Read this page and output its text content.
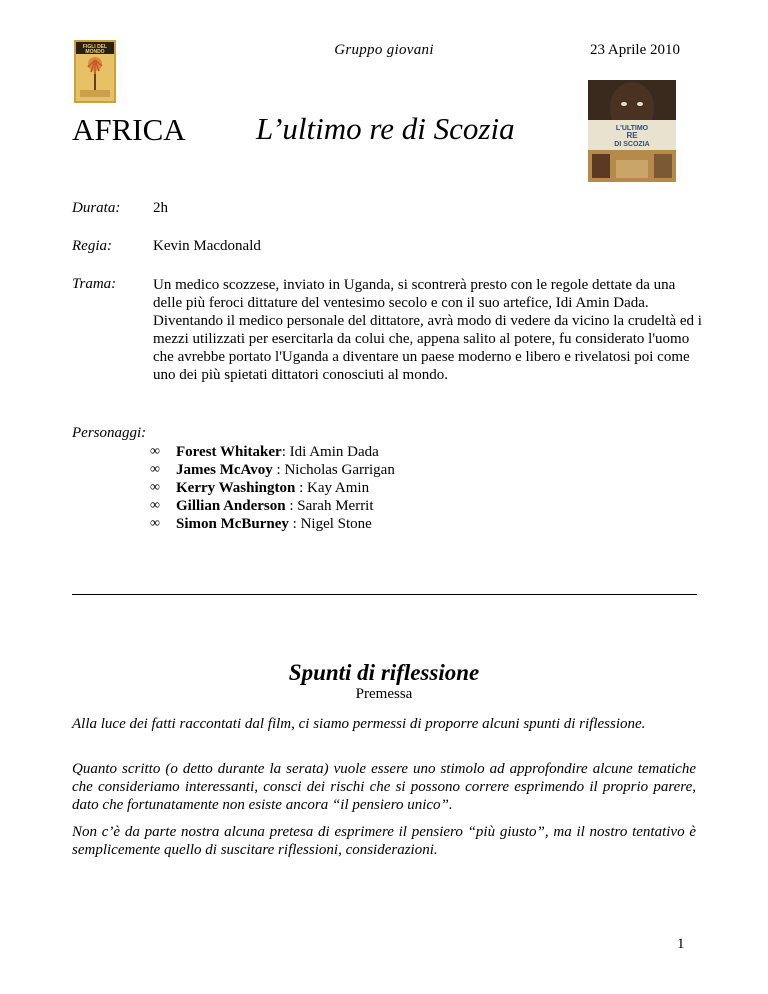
FIGLI DEL
MONDO	Gruppo giovani	23 Aprile 2010
AFRICA L’ultimo re di Scozia	L'ULTIMO
RE
DI SCOZIA
Durata: 2h
Regia:	Kevin Macdonald
Trama: Un medico scozzese, inviato in Uganda, si scontrerà presto con le regole dettate da una delle più feroci dittature del ventesimo secolo e con il suo artefice, Idi Amin Dada. Diventando il medico personale del dittatore, avrà modo di vedere da vicino la crudeltà ed i mezzi utilizzati per esercitarla da colui che, appena salito al potere, fu considerato l'uomo che avrebbe portato l'Uganda a diventare un paese moderno e libero e rivelatosi poi come uno dei più spietati dittatori conosciuti al mondo.
Personaggi:
∞	Forest Whitaker: Idi Amin Dada
∞	James McAvoy : Nicholas Garrigan
∞	Kerry Washington : Kay Amin
∞	Gillian Anderson : Sarah Merrit
∞	Simon McBurney : Nigel Stone
Spunti di riflessione
Premessa
Alla luce dei fatti raccontati dal film, ci siamo permessi di proporre alcuni spunti di riflessione.
Quanto scritto (o detto durante la serata) vuole essere uno stimolo ad approfondire alcune tematiche che consideriamo interessanti, consci dei rischi che si possono correre esprimendo il proprio parere, dato che fortunatamente non esiste ancora “il pensiero unico”.
Non c’è da parte nostra alcuna pretesa di esprimere il pensiero “più giusto”, ma il nostro tentativo è semplicemente quello di suscitare riflessioni, considerazioni.
1
